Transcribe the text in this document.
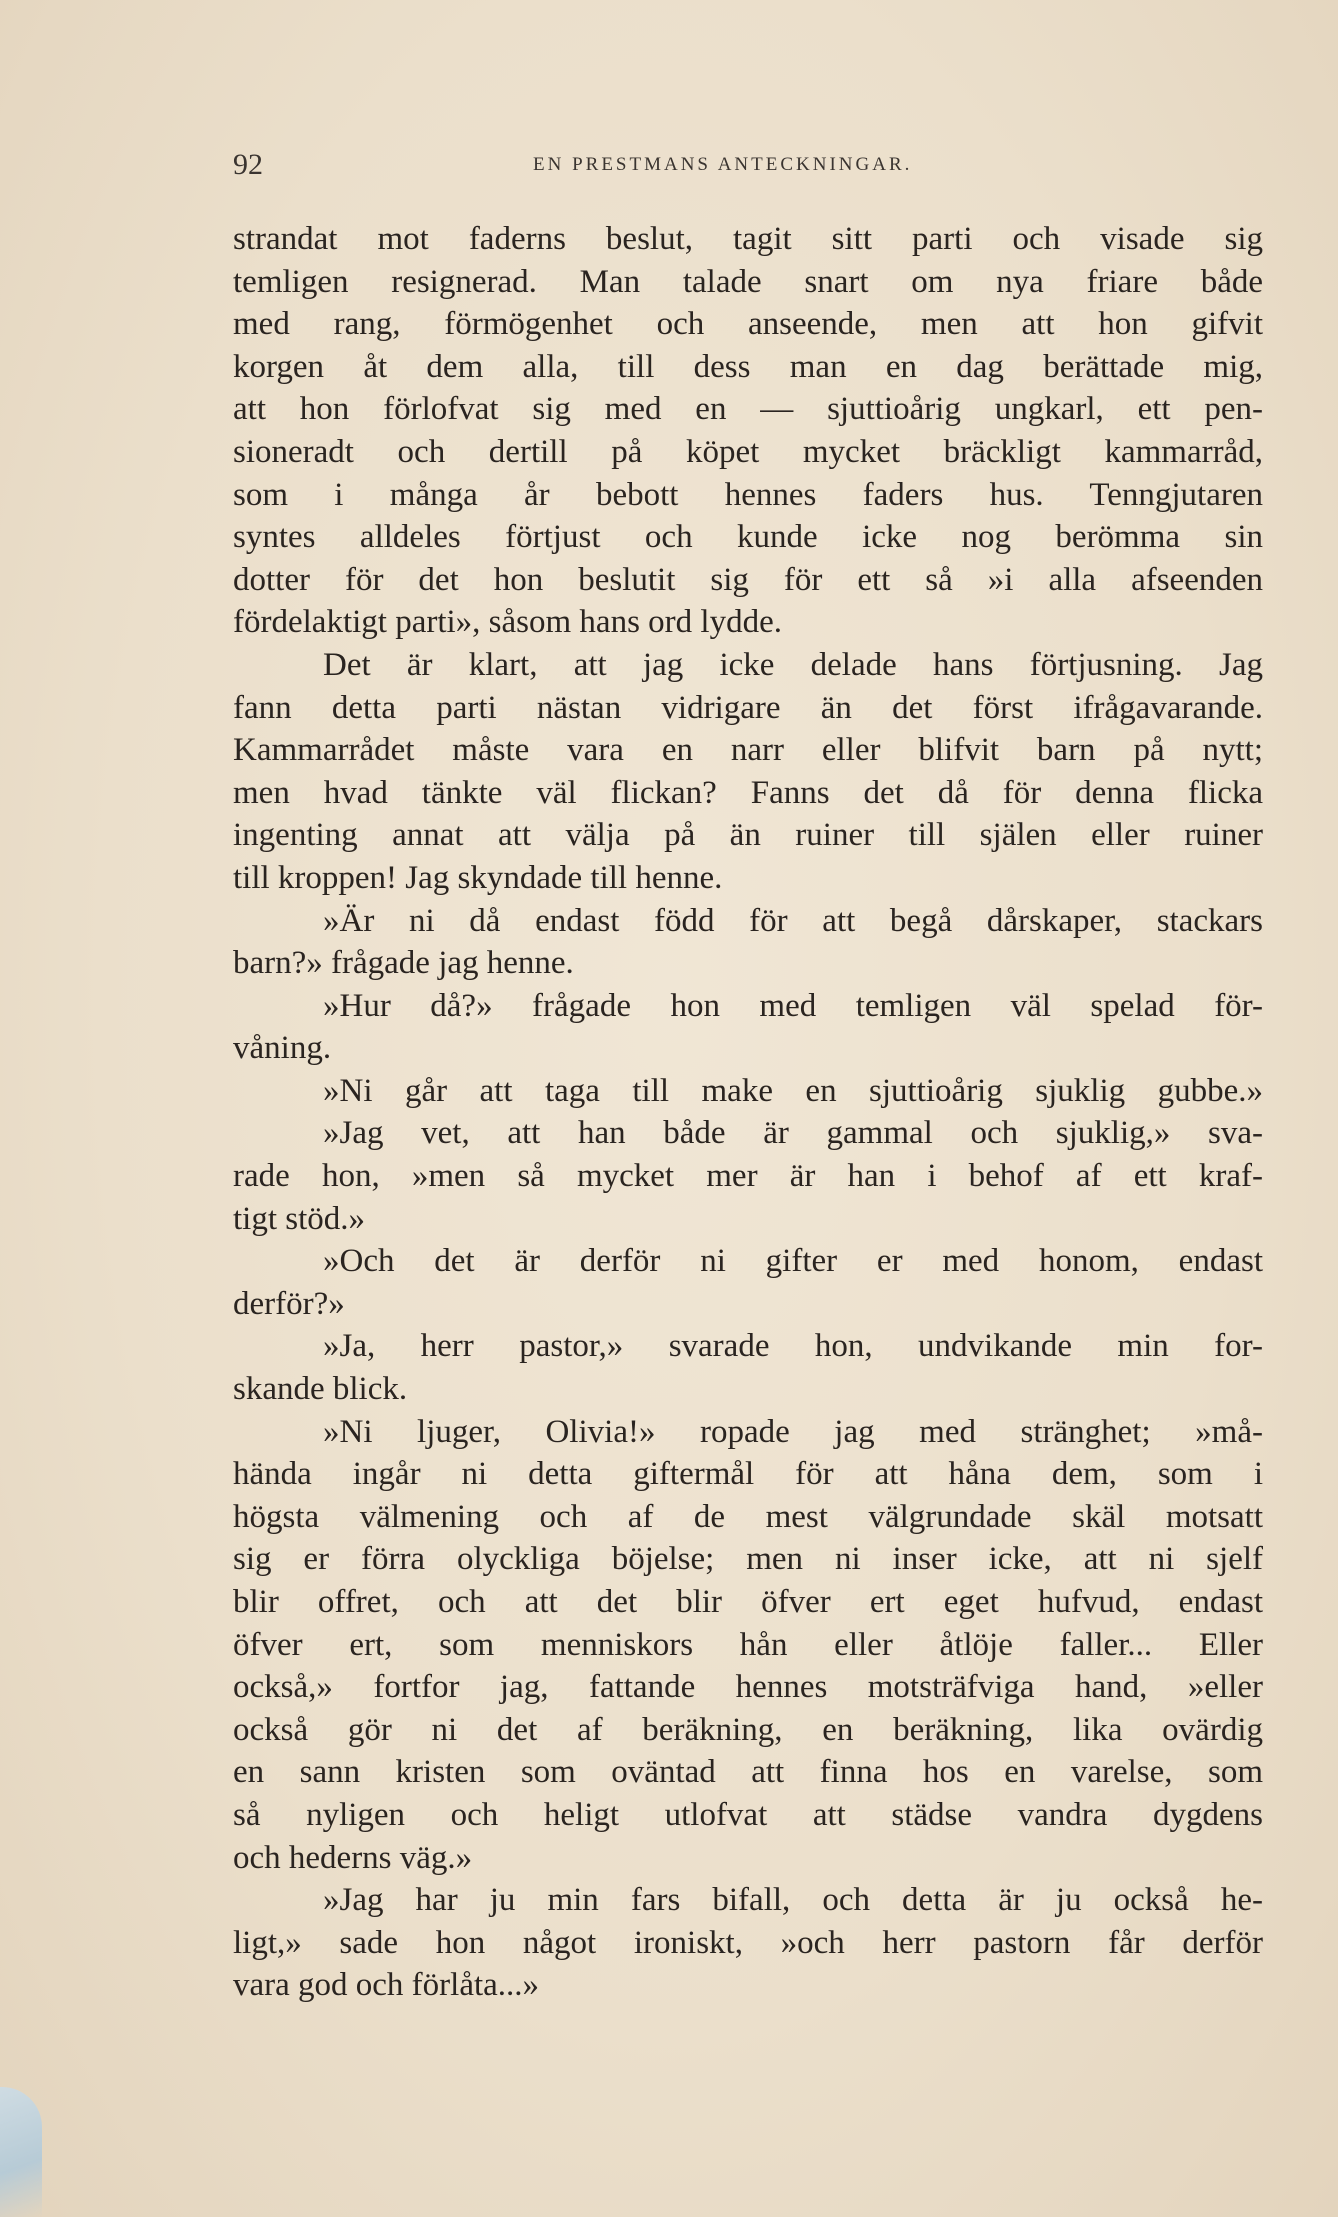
92	EN PRESTMANS ANTECKNINGAR.
strandat mot faderns beslut, tagit sitt parti och visade sig
temligen resignerad. Man talade snart om nya friare både
med rang, förmögenhet och anseende, men att hon gifvit
korgen åt dem alla, till dess man en dag berättade mig,
att hon förlofvat sig med en — sjuttioårig ungkarl, ett pen-
sioneradt och dertill på köpet mycket bräckligt kammarråd,
som i många år bebott hennes faders hus. Tenngjutaren
syntes alldeles förtjust och kunde icke nog berömma sin
dotter för det hon beslutit sig för ett så »i alla afseenden
fördelaktigt parti», såsom hans ord lydde.
Det är klart, att jag icke delade hans förtjusning. Jag
fann detta parti nästan vidrigare än det först ifrågavarande.
Kammarrådet måste vara en narr eller blifvit barn på nytt;
men hvad tänkte väl flickan? Fanns det då för denna flicka
ingenting annat att välja på än ruiner till själen eller ruiner
till kroppen! Jag skyndade till henne.
»Är ni då endast född för att begå dårskaper, stackars
barn?» frågade jag henne.
»Hur då?» frågade hon med temligen väl spelad för-
våning.
»Ni går att taga till make en sjuttioårig sjuklig gubbe.»
»Jag vet, att han både är gammal och sjuklig,» sva-
rade hon, »men så mycket mer är han i behof af ett kraf-
tigt stöd.»
»Och det är derför ni gifter er med honom, endast
derför?»
»Ja, herr pastor,» svarade hon, undvikande min for-
skande blick.
»Ni ljuger, Olivia!» ropade jag med stränghet; »må-
hända ingår ni detta giftermål för att håna dem, som i
högsta välmening och af de mest välgrundade skäl motsatt
sig er förra olyckliga böjelse; men ni inser icke, att ni sjelf
blir offret, och att det blir öfver ert eget hufvud, endast
öfver ert, som menniskors hån eller åtlöje faller... Eller
också,» fortfor jag, fattande hennes motsträfviga hand, »eller
också gör ni det af beräkning, en beräkning, lika ovärdig
en sann kristen som oväntad att finna hos en varelse, som
så nyligen och heligt utlofvat att städse vandra dygdens
och hederns väg.»
»Jag har ju min fars bifall, och detta är ju också he-
ligt,» sade hon något ironiskt, »och herr pastorn får derför
vara god och förlåta...»
